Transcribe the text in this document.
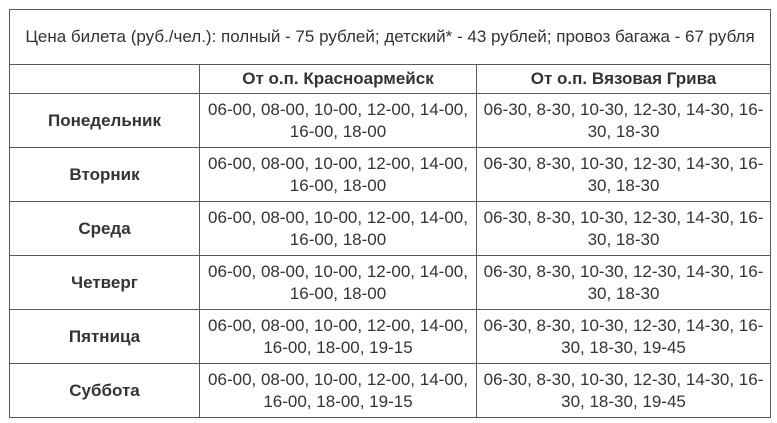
Цена билета (руб./чел.): полный - 75 рублей; детский* - 43 рублей; провоз багажа - 67 рубля		
	От о.п. Красноармейск	От о.п. Вязовая Грива
Понедельник	06-00, 08-00, 10-00, 12-00, 14-00, 16-00, 18-00	06-30, 8-30, 10-30, 12-30, 14-30, 16-30, 18-30
Вторник	06-00, 08-00, 10-00, 12-00, 14-00, 16-00, 18-00	06-30, 8-30, 10-30, 12-30, 14-30, 16-30, 18-30
Среда	06-00, 08-00, 10-00, 12-00, 14-00, 16-00, 18-00	06-30, 8-30, 10-30, 12-30, 14-30, 16-30, 18-30
Четверг	06-00, 08-00, 10-00, 12-00, 14-00, 16-00, 18-00	06-30, 8-30, 10-30, 12-30, 14-30, 16-30, 18-30
Пятница	06-00, 08-00, 10-00, 12-00, 14-00, 16-00, 18-00, 19-15	06-30, 8-30, 10-30, 12-30, 14-30, 16-30, 18-30, 19-45
Суббота	06-00, 08-00, 10-00, 12-00, 14-00, 16-00, 18-00, 19-15	06-30, 8-30, 10-30, 12-30, 14-30, 16-30, 18-30, 19-45
